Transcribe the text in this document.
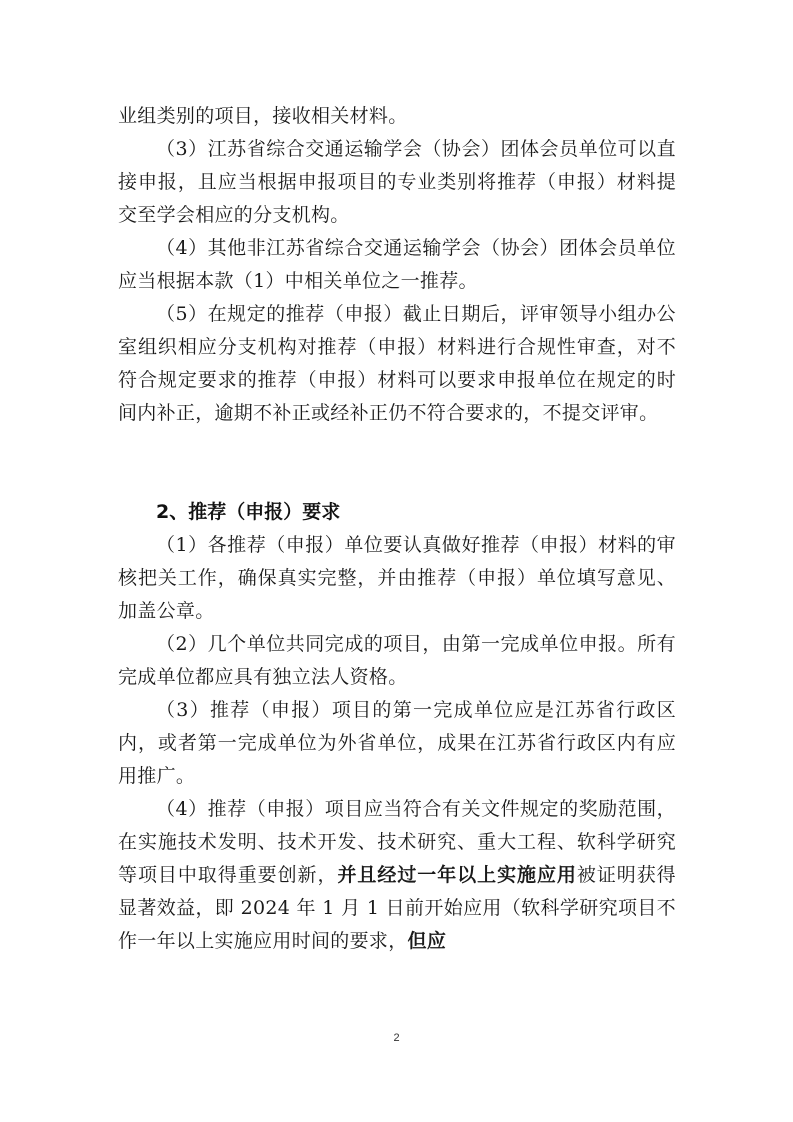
业组类别的项目，接收相关材料。

（3）江苏省综合交通运输学会（协会）团体会员单位可以直接申报，且应当根据申报项目的专业类别将推荐（申报）材料提交至学会相应的分支机构。

（4）其他非江苏省综合交通运输学会（协会）团体会员单位应当根据本款（1）中相关单位之一推荐。

（5）在规定的推荐（申报）截止日期后，评审领导小组办公室组织相应分支机构对推荐（申报）材料进行合规性审查，对不符合规定要求的推荐（申报）材料可以要求申报单位在规定的时间内补正，逾期不补正或经补正仍不符合要求的，不提交评审。

2、推荐（申报）要求

（1）各推荐（申报）单位要认真做好推荐（申报）材料的审核把关工作，确保真实完整，并由推荐（申报）单位填写意见、加盖公章。

（2）几个单位共同完成的项目，由第一完成单位申报。所有完成单位都应具有独立法人资格。

（3）推荐（申报）项目的第一完成单位应是江苏省行政区内，或者第一完成单位为外省单位，成果在江苏省行政区内有应用推广。

（4）推荐（申报）项目应当符合有关文件规定的奖励范围，在实施技术发明、技术开发、技术研究、重大工程、软科学研究等项目中取得重要创新，并且经过一年以上实施应用被证明获得显著效益，即 2024 年 1 月 1 日前开始应用（软科学研究项目不作一年以上实施应用时间的要求，但应

2
